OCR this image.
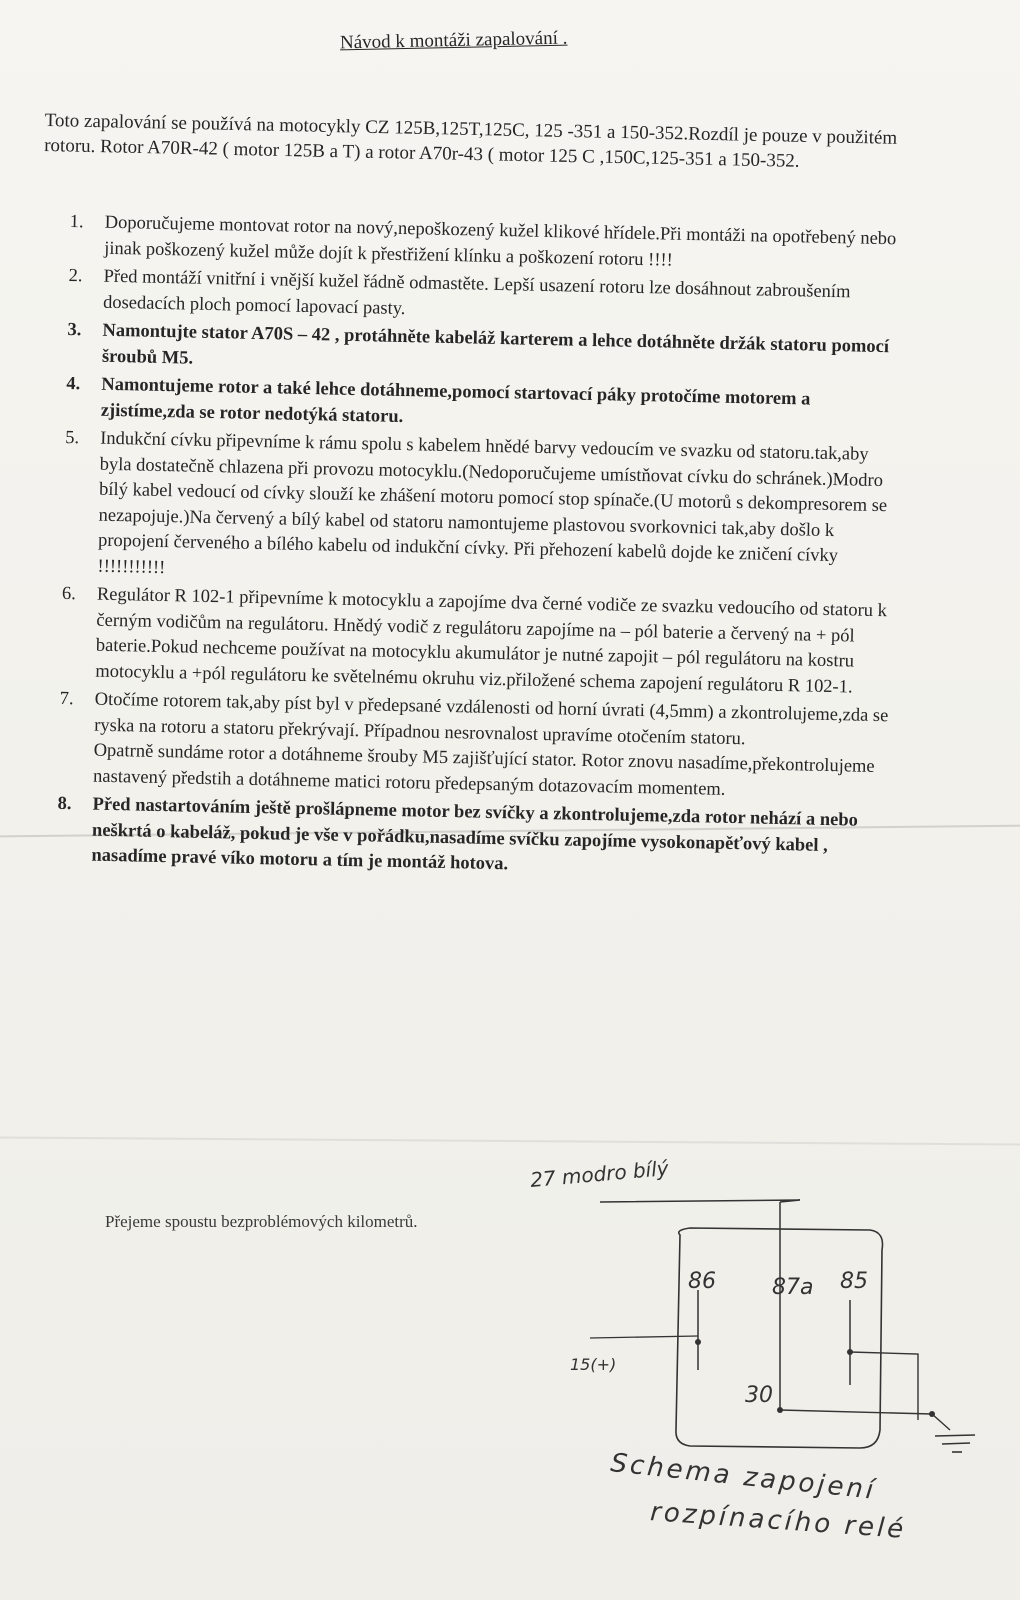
Návod k montáži zapalování .
Toto zapalování se používá na motocykly CZ 125B,125T,125C, 125 -351 a 150-352.Rozdíl je pouze v použitém rotoru. Rotor A70R-42 ( motor 125B a T) a rotor A70r-43 ( motor 125 C ,150C,125-351 a 150-352.
1. Doporučujeme montovat rotor na nový,nepoškozený kužel klikové hřídele.Při montáži na opotřebený nebo jinak poškozený kužel může dojít k přestřižení klínku a poškození rotoru !!!!
2. Před montáží vnitřní i vnější kužel řádně odmastěte. Lepší usazení rotoru lze dosáhnout zabroušením dosedacích ploch pomocí lapovací pasty.
3. Namontujte stator A70S – 42 , protáhněte kabeláž karterem a lehce dotáhněte držák statoru pomocí šroubů M5.
4. Namontujeme rotor a také lehce dotáhneme,pomocí startovací páky protočíme motorem a zjistíme,zda se rotor nedotýká statoru.
5. Indukční cívku připevníme k rámu spolu s kabelem hnědé barvy vedoucím ve svazku od statoru.tak,aby byla dostatečně chlazena při provozu motocyklu.(Nedoporučujeme umístňovat cívku do schránek.)Modro bílý kabel vedoucí od cívky slouží ke zhášení motoru pomocí stop spínače.(U motorů s dekompresorem se nezapojuje.)Na červený a bílý kabel od statoru namontujeme plastovou svorkovnici tak,aby došlo k propojení červeného a bílého kabelu od indukční cívky. Při přehození kabelů dojde ke zničení cívky !!!!!!!!!!!
6. Regulátor R 102-1 připevníme k motocyklu a zapojíme dva černé vodiče ze svazku vedoucího od statoru k černým vodičům na regulátoru. Hnědý vodič z regulátoru zapojíme na – pól baterie a červený na + pól baterie.Pokud nechceme používat na motocyklu akumulátor je nutné zapojit – pól regulátoru na kostru motocyklu a +pól regulátoru ke světelnému okruhu viz.přiložené schema zapojení regulátoru R 102-1.
7. Otočíme rotorem tak,aby píst byl v předepsané vzdálenosti od horní úvrati (4,5mm) a zkontrolujeme,zda se ryska na rotoru a statoru překrývají. Případnou nesrovnalost upravíme otočením statoru.
Opatrně sundáme rotor a dotáhneme šrouby M5 zajišťující stator. Rotor znovu nasadíme,překontrolujeme nastavený předstih a dotáhneme matici rotoru předepsaným dotazovacím momentem.
8. Před nastartováním ještě prošlápneme motor bez svíčky a zkontrolujeme,zda rotor nehází a nebo neškrtá o kabeláž, pokud je vše v pořádku,nasadíme svíčku zapojíme vysokonapěťový kabel , nasadíme pravé víko motoru a tím je montáž hotova.
Přejeme spoustu bezproblémových kilometrů.
27 modro bílý
86	87a 85
30
15(+)
Schema zapojení
rozpínacího relé
